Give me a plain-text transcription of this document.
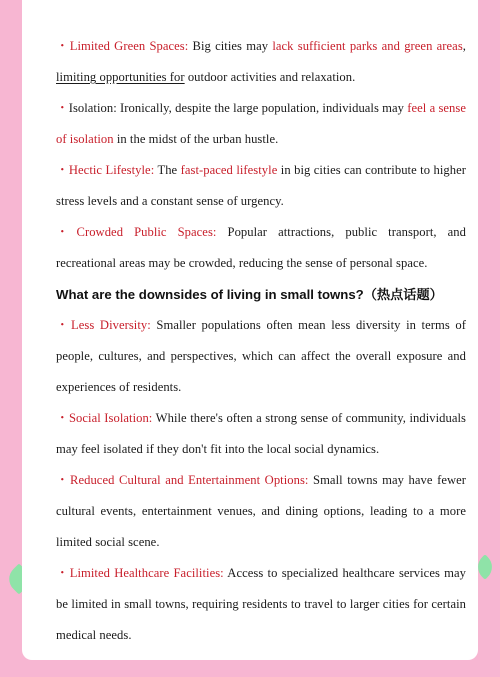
・Limited Green Spaces: Big cities may lack sufficient parks and green areas, limiting opportunities for outdoor activities and relaxation.

・Isolation: Ironically, despite the large population, individuals may feel a sense of isolation in the midst of the urban hustle.

・Hectic Lifestyle: The fast-paced lifestyle in big cities can contribute to higher stress levels and a constant sense of urgency.

・Crowded Public Spaces: Popular attractions, public transport, and recreational areas may be crowded, reducing the sense of personal space.

What are the downsides of living in small towns?（热点话题）

・Less Diversity: Smaller populations often mean less diversity in terms of people, cultures, and perspectives, which can affect the overall exposure and experiences of residents.

・Social Isolation: While there's often a strong sense of community, individuals may feel isolated if they don't fit into the local social dynamics.

・Reduced Cultural and Entertainment Options: Small towns may have fewer cultural events, entertainment venues, and dining options, leading to a more limited social scene.

・Limited Healthcare Facilities: Access to specialized healthcare services may be limited in small towns, requiring residents to travel to larger cities for certain medical needs.
